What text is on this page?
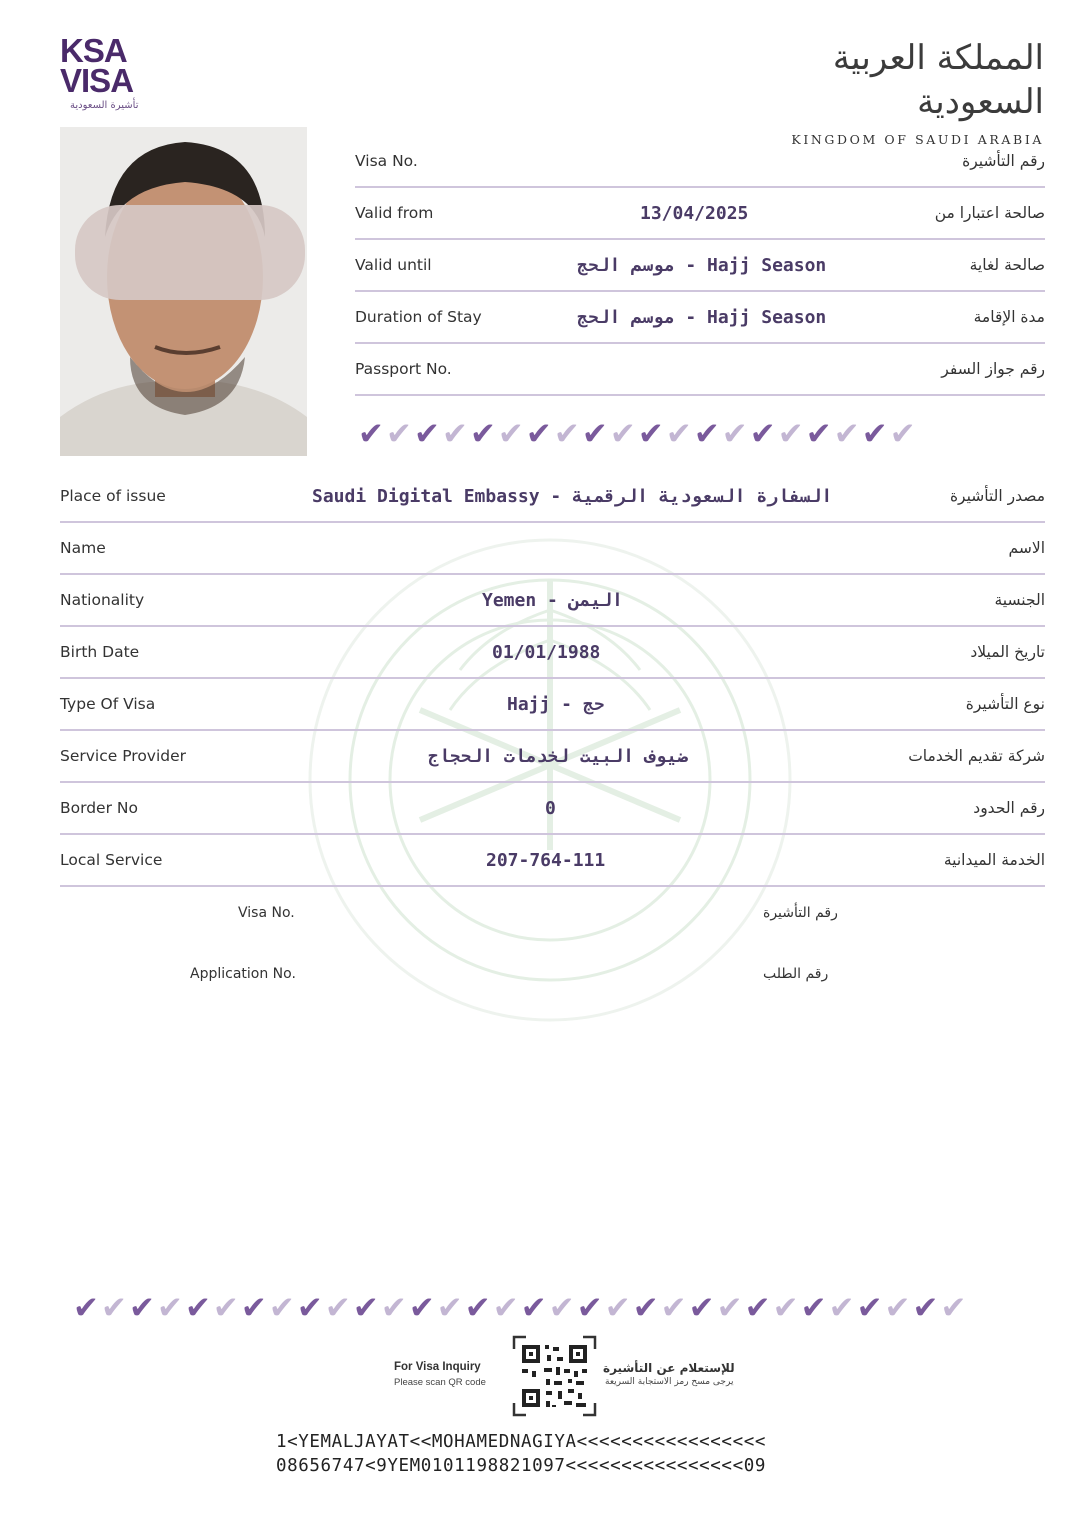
KSA
VISA
تأشيرة السعودية
المملكة العربية السعودية
KINGDOM OF SAUDI ARABIA
Visa No.	رقم التأشيرة
Valid from	13/04/2025	صالحة اعتبارا من
Valid until	موسم الحج - Hajj Season	صالحة لغاية
Duration of Stay	موسم الحج - Hajj Season	مدة الإقامة
Passport No.	رقم جواز السفر
✔✔✔✔✔✔✔✔✔✔✔✔✔✔✔✔✔✔✔✔
Place of issue	Saudi Digital Embassy - السفارة السعودية الرقمية	مصدر التأشيرة
Name	الاسم
Nationality	Yemen - اليمن	الجنسية
Birth Date	01/01/1988	تاريخ الميلاد
Type Of Visa	Hajj - حج	نوع التأشيرة
Service Provider	ضيوف البيت لخدمات الحجاج	شركة تقديم الخدمات
Border No	0	رقم الحدود
Local Service	207-764-111	الخدمة الميدانية
Visa No.	رقم التأشيرة
Application No.	رقم الطلب
✔✔✔✔✔✔✔✔✔✔✔✔✔✔✔✔✔✔✔✔✔✔✔✔✔✔✔✔✔✔✔✔
For Visa Inquiry
Please scan QR code
للإستعلام عن التأشيرة
يرجى مسح رمز الاستجابة السريعة
1<YEMALJAYAT<<MOHAMEDNAGIYA<<<<<<<<<<<<<<<<<
08656747<9YEM0101198821097<<<<<<<<<<<<<<<<09
